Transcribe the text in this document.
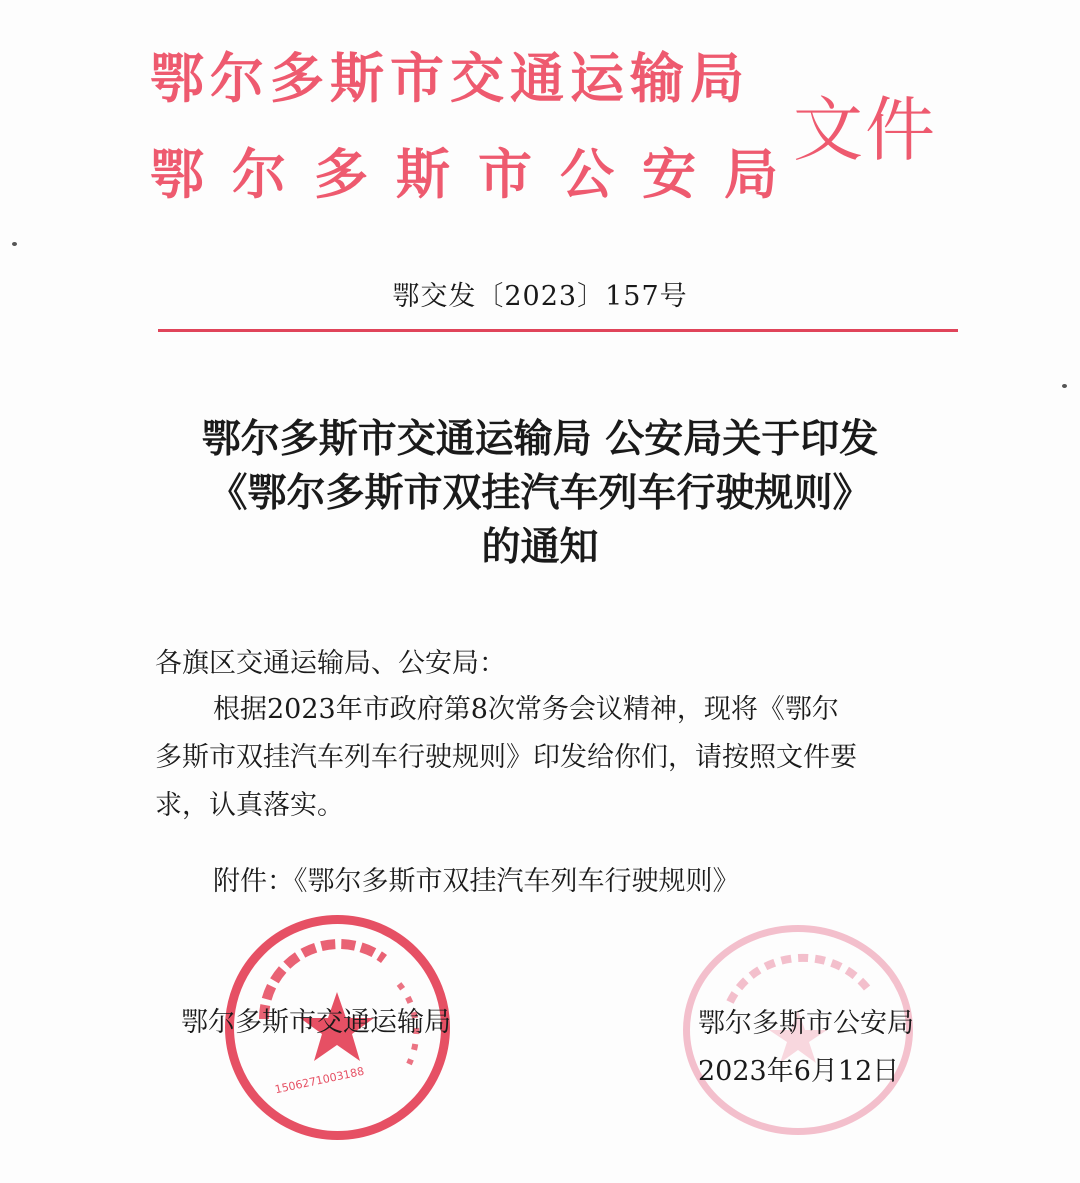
鄂尔多斯市交通运输局
鄂尔多斯市公安局
文件
鄂交发〔2023〕157号
鄂尔多斯市交通运输局 公安局关于印发
《鄂尔多斯市双挂汽车列车行驶规则》
的通知
各旗区交通运输局、公安局：
根据2023年市政府第8次常务会议精神，现将《鄂尔
多斯市双挂汽车列车行驶规则》印发给你们，请按照文件要
求，认真落实。
附件：《鄂尔多斯市双挂汽车列车行驶规则》
1506271003188
鄂尔多斯市交通运输局	鄂尔多斯市公安局
2023年6月12日
